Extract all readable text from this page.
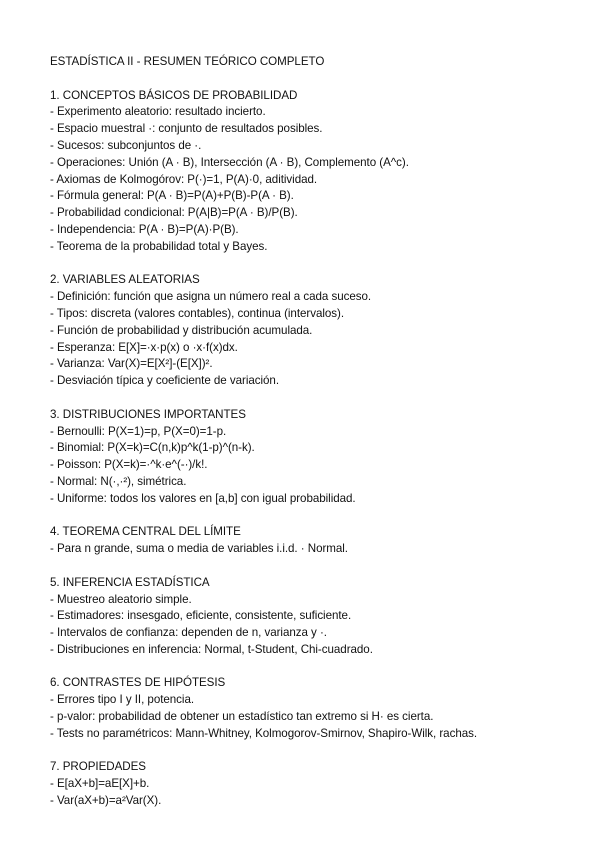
ESTADÍSTICA II - RESUMEN TEÓRICO COMPLETO
1. CONCEPTOS BÁSICOS DE PROBABILIDAD
- Experimento aleatorio: resultado incierto.
- Espacio muestral ·: conjunto de resultados posibles.
- Sucesos: subconjuntos de ·.
- Operaciones: Unión (A · B), Intersección (A · B), Complemento (A^c).
- Axiomas de Kolmogórov: P(·)=1, P(A)·0, aditividad.
- Fórmula general: P(A · B)=P(A)+P(B)-P(A · B).
- Probabilidad condicional: P(A|B)=P(A · B)/P(B).
- Independencia: P(A · B)=P(A)·P(B).
- Teorema de la probabilidad total y Bayes.
2. VARIABLES ALEATORIAS
- Definición: función que asigna un número real a cada suceso.
- Tipos: discreta (valores contables), continua (intervalos).
- Función de probabilidad y distribución acumulada.
- Esperanza: E[X]=·x·p(x) o ·x·f(x)dx.
- Varianza: Var(X)=E[X²]-(E[X])².
- Desviación típica y coeficiente de variación.
3. DISTRIBUCIONES IMPORTANTES
- Bernoulli: P(X=1)=p, P(X=0)=1-p.
- Binomial: P(X=k)=C(n,k)p^k(1-p)^(n-k).
- Poisson: P(X=k)=·^k·e^(-·)/k!.
- Normal: N(·,·²), simétrica.
- Uniforme: todos los valores en [a,b] con igual probabilidad.
4. TEOREMA CENTRAL DEL LÍMITE
- Para n grande, suma o media de variables i.i.d. · Normal.
5. INFERENCIA ESTADÍSTICA
- Muestreo aleatorio simple.
- Estimadores: insesgado, eficiente, consistente, suficiente.
- Intervalos de confianza: dependen de n, varianza y ·.
- Distribuciones en inferencia: Normal, t-Student, Chi-cuadrado.
6. CONTRASTES DE HIPÓTESIS
- Errores tipo I y II, potencia.
- p-valor: probabilidad de obtener un estadístico tan extremo si H· es cierta.
- Tests no paramétricos: Mann-Whitney, Kolmogorov-Smirnov, Shapiro-Wilk, rachas.
7. PROPIEDADES
- E[aX+b]=aE[X]+b.
- Var(aX+b)=a²Var(X).
